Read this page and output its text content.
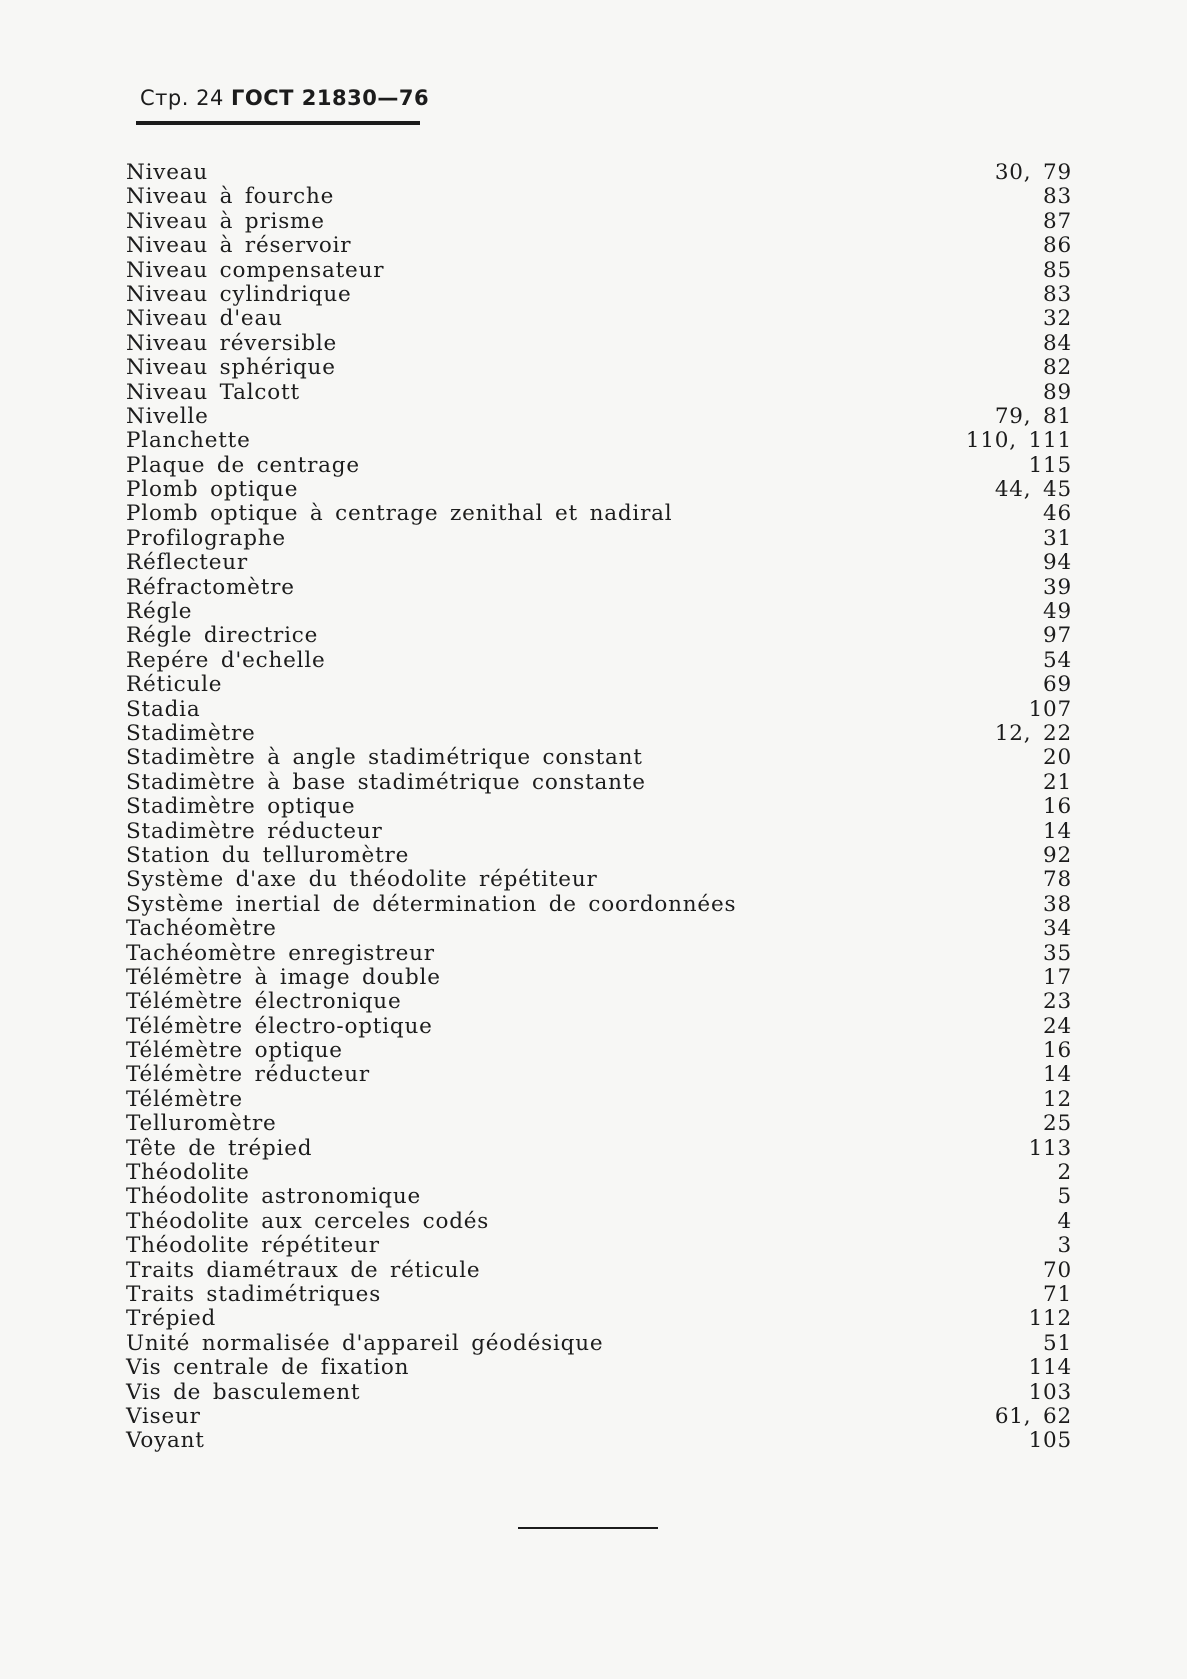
Стр. 24 ГОСТ 21830—76
Niveau	30, 79
Niveau à fourche	83
Niveau à prisme	87
Niveau à réservoir	86
Niveau compensateur	85
Niveau cylindrique	83
Niveau d'eau	32
Niveau réversible	84
Niveau sphérique	82
Niveau Talcott	89
Nivelle	79, 81
Planchette	110, 111
Plaque de centrage	115
Plomb optique	44, 45
Plomb optique à centrage zenithal et nadiral	46
Profilographe	31
Réflecteur	94
Réfractomètre	39
Régle	49
Régle directrice	97
Repére d'echelle	54
Réticule	69
Stadia	107
Stadimètre	12, 22
Stadimètre à angle stadimétrique constant	20
Stadimètre à base stadimétrique constante	21
Stadimètre optique	16
Stadimètre réducteur	14
Station du telluromètre	92
Système d'axe du théodolite répétiteur	78
Système inertial de détermination de coordonnées	38
Tachéomètre	34
Tachéomètre enregistreur	35
Télémètre à image double	17
Télémètre électronique	23
Télémètre électro-optique	24
Télémètre optique	16
Télémètre réducteur	14
Télémètre	12
Telluromètre	25
Tête de trépied	113
Théodolite	2
Théodolite astronomique	5
Théodolite aux cerceles codés	4
Théodolite répétiteur	3
Traits diamétraux de réticule	70
Traits stadimétriques	71
Trépied	112
Unité normalisée d'appareil géodésique	51
Vis centrale de fixation	114
Vis de basculement	103
Viseur	61, 62
Voyant	105
